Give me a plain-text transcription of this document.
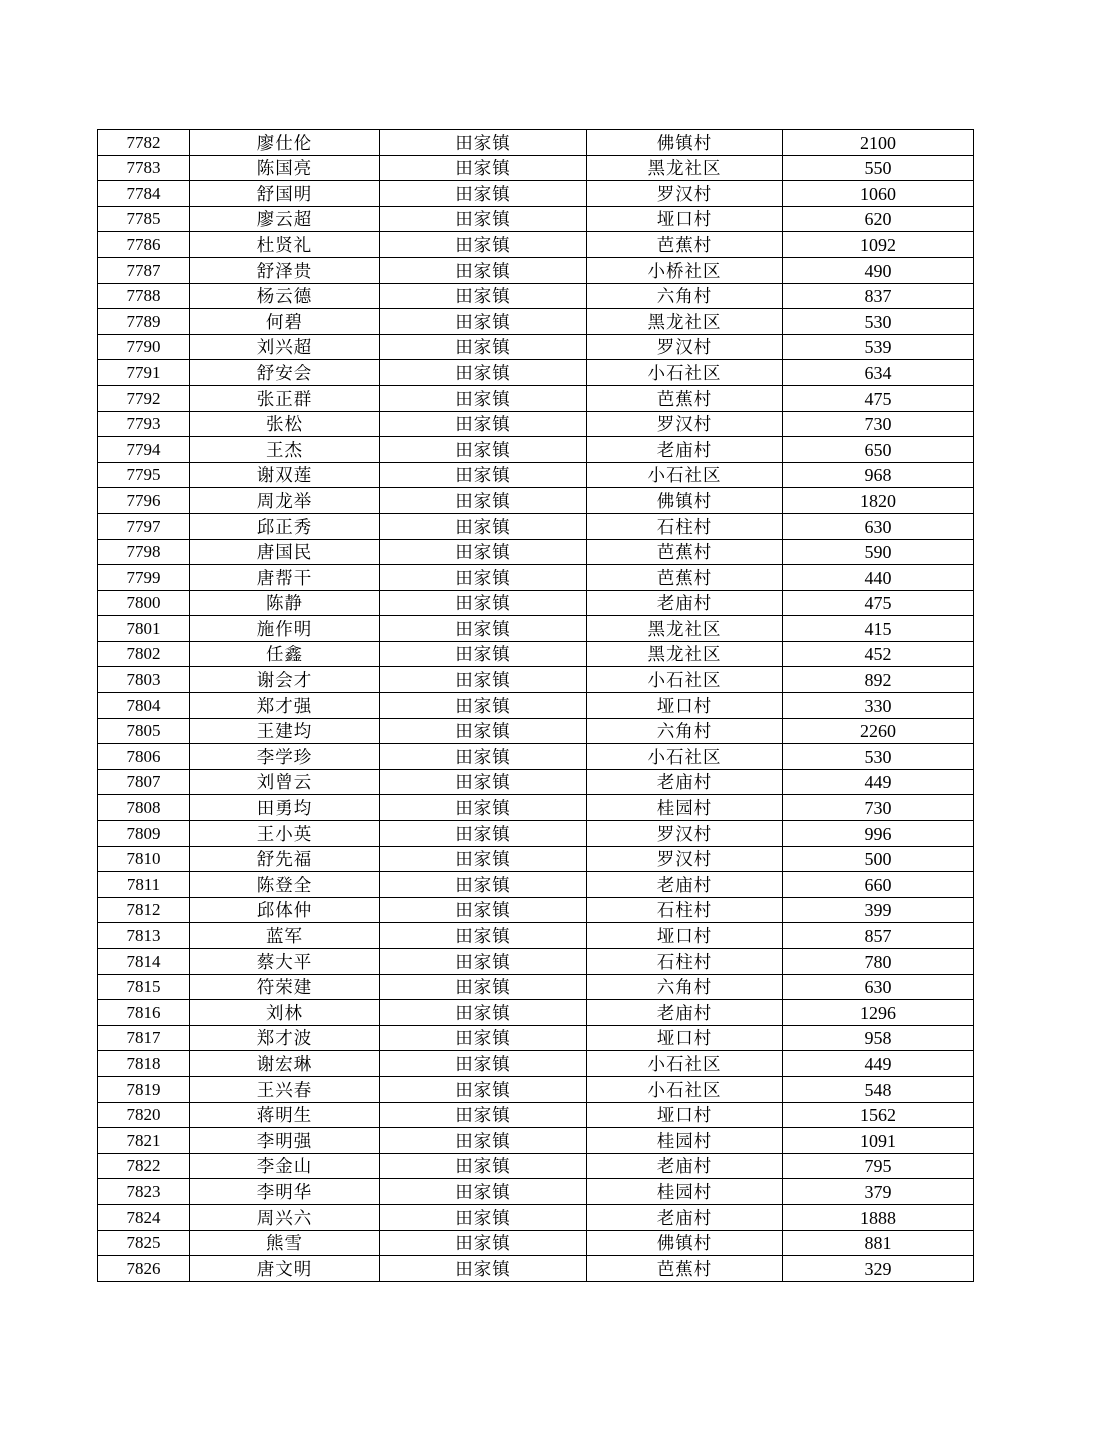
7782	廖仕伦	田家镇	佛镇村	2100
7783	陈国亮	田家镇	黑龙社区	550
7784	舒国明	田家镇	罗汉村	1060
7785	廖云超	田家镇	垭口村	620
7786	杜贤礼	田家镇	芭蕉村	1092
7787	舒泽贵	田家镇	小桥社区	490
7788	杨云德	田家镇	六角村	837
7789	何碧	田家镇	黑龙社区	530
7790	刘兴超	田家镇	罗汉村	539
7791	舒安会	田家镇	小石社区	634
7792	张正群	田家镇	芭蕉村	475
7793	张松	田家镇	罗汉村	730
7794	王杰	田家镇	老庙村	650
7795	谢双莲	田家镇	小石社区	968
7796	周龙举	田家镇	佛镇村	1820
7797	邱正秀	田家镇	石柱村	630
7798	唐国民	田家镇	芭蕉村	590
7799	唐帮干	田家镇	芭蕉村	440
7800	陈静	田家镇	老庙村	475
7801	施作明	田家镇	黑龙社区	415
7802	任鑫	田家镇	黑龙社区	452
7803	谢会才	田家镇	小石社区	892
7804	郑才强	田家镇	垭口村	330
7805	王建均	田家镇	六角村	2260
7806	李学珍	田家镇	小石社区	530
7807	刘曾云	田家镇	老庙村	449
7808	田勇均	田家镇	桂园村	730
7809	王小英	田家镇	罗汉村	996
7810	舒先福	田家镇	罗汉村	500
7811	陈登全	田家镇	老庙村	660
7812	邱体仲	田家镇	石柱村	399
7813	蓝军	田家镇	垭口村	857
7814	蔡大平	田家镇	石柱村	780
7815	符荣建	田家镇	六角村	630
7816	刘林	田家镇	老庙村	1296
7817	郑才波	田家镇	垭口村	958
7818	谢宏琳	田家镇	小石社区	449
7819	王兴春	田家镇	小石社区	548
7820	蒋明生	田家镇	垭口村	1562
7821	李明强	田家镇	桂园村	1091
7822	李金山	田家镇	老庙村	795
7823	李明华	田家镇	桂园村	379
7824	周兴六	田家镇	老庙村	1888
7825	熊雪	田家镇	佛镇村	881
7826	唐文明	田家镇	芭蕉村	329
